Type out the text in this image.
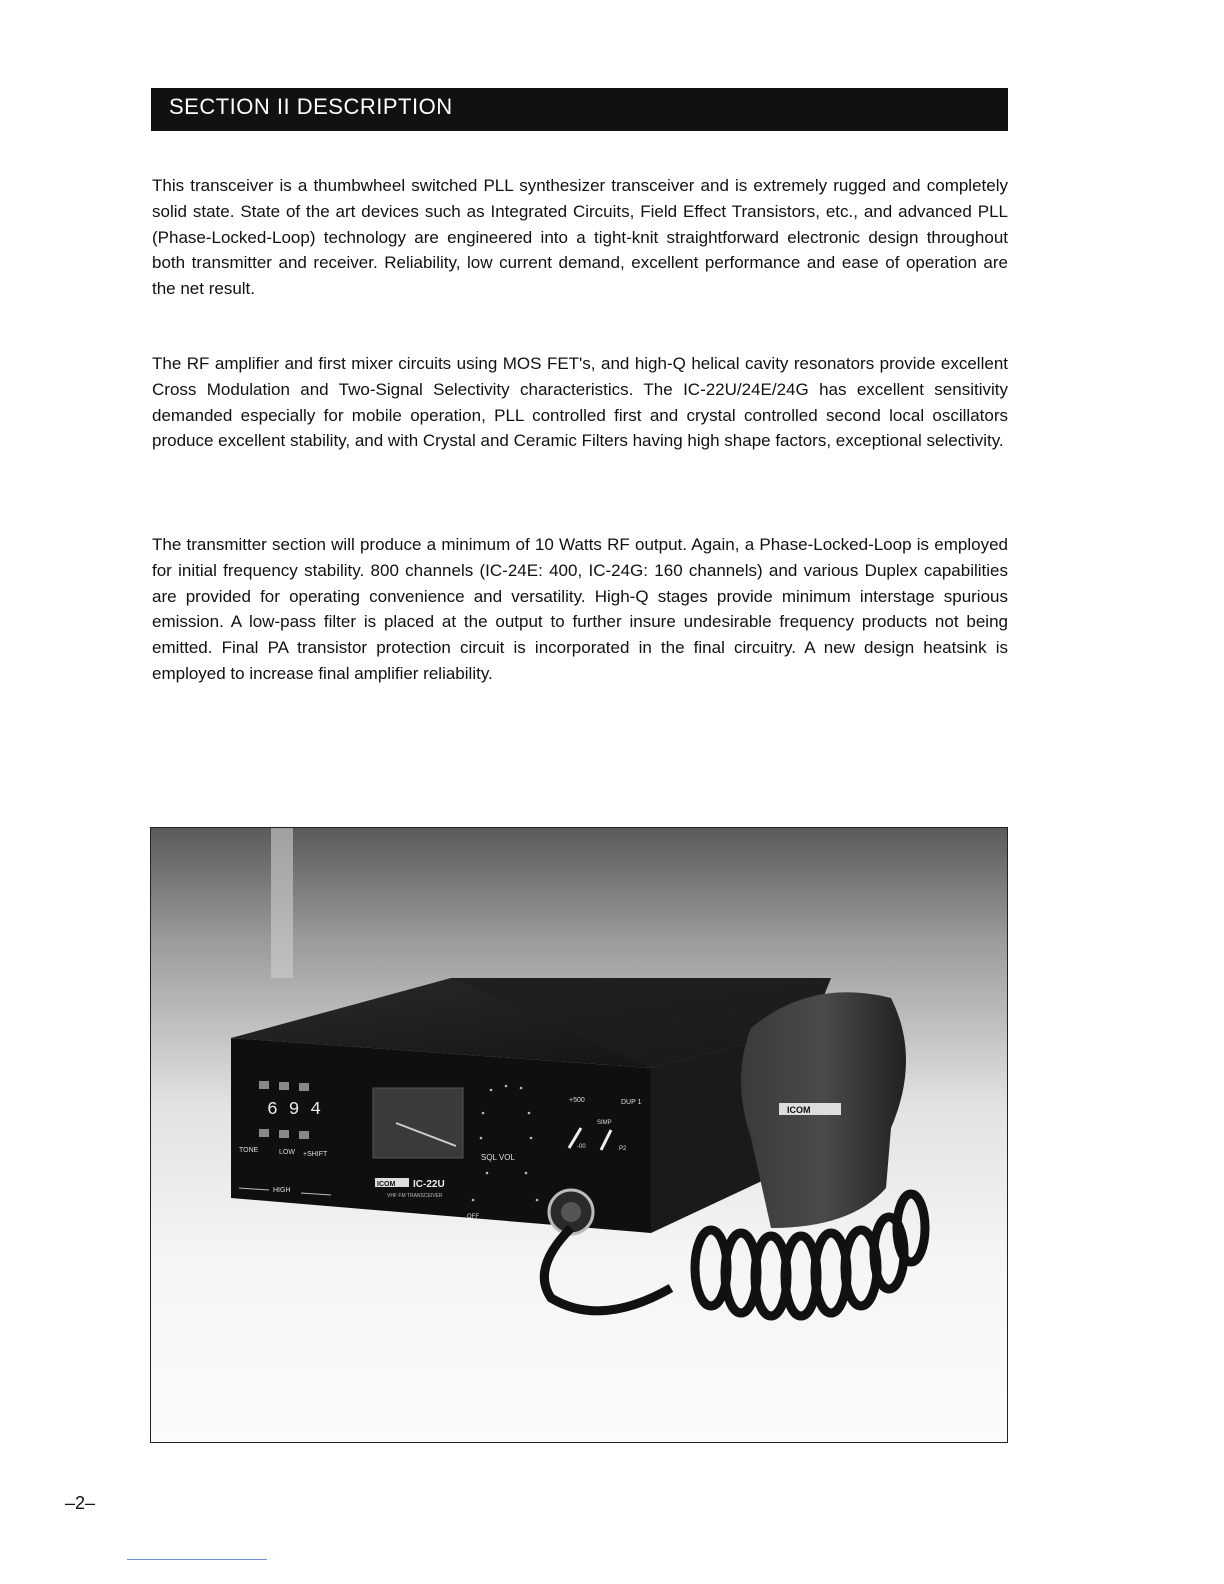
SECTION II DESCRIPTION

This transceiver is a thumbwheel switched PLL synthesizer transceiver and is extremely rugged and completely solid state. State of the art devices such as Integrated Circuits, Field Effect Transistors, etc., and advanced PLL (Phase-Locked-Loop) technology are engineered into a tight-knit straightforward electronic design throughout both transmitter and receiver. Reliability, low current demand, excellent performance and ease of operation are the net result.

The RF amplifier and first mixer circuits using MOS FET's, and high-Q helical cavity resonators provide excellent Cross Modulation and Two-Signal Selectivity characteristics. The IC-22U/24E/24G has excellent sensitivity demanded especially for mobile operation, PLL controlled first and crystal controlled second local oscillators produce excellent stability, and with Crystal and Ceramic Filters having high shape factors, exceptional selectivity.

The transmitter section will produce a minimum of 10 Watts RF output. Again, a Phase-Locked-Loop is employed for initial frequency stability. 800 channels (IC-24E: 400, IC-24G: 160 channels) and various Duplex capabilities are provided for operating convenience and versatility. High-Q stages provide minimum interstage spurious emission. A low-pass filter is placed at the output to further insure undesirable frequency products not being emitted. Final PA transistor protection circuit is incorporated in the final circuitry. A new design heatsink is employed to increase final amplifier reliability.

6 9 4
TONE	LOW +SHIFT
HIGH
SQL VOL
OFF
+500	DUP 1
SIMP
-00	P2
ICOM IC-22U
VHF FM TRANSCEIVER
ICOM
–2–
